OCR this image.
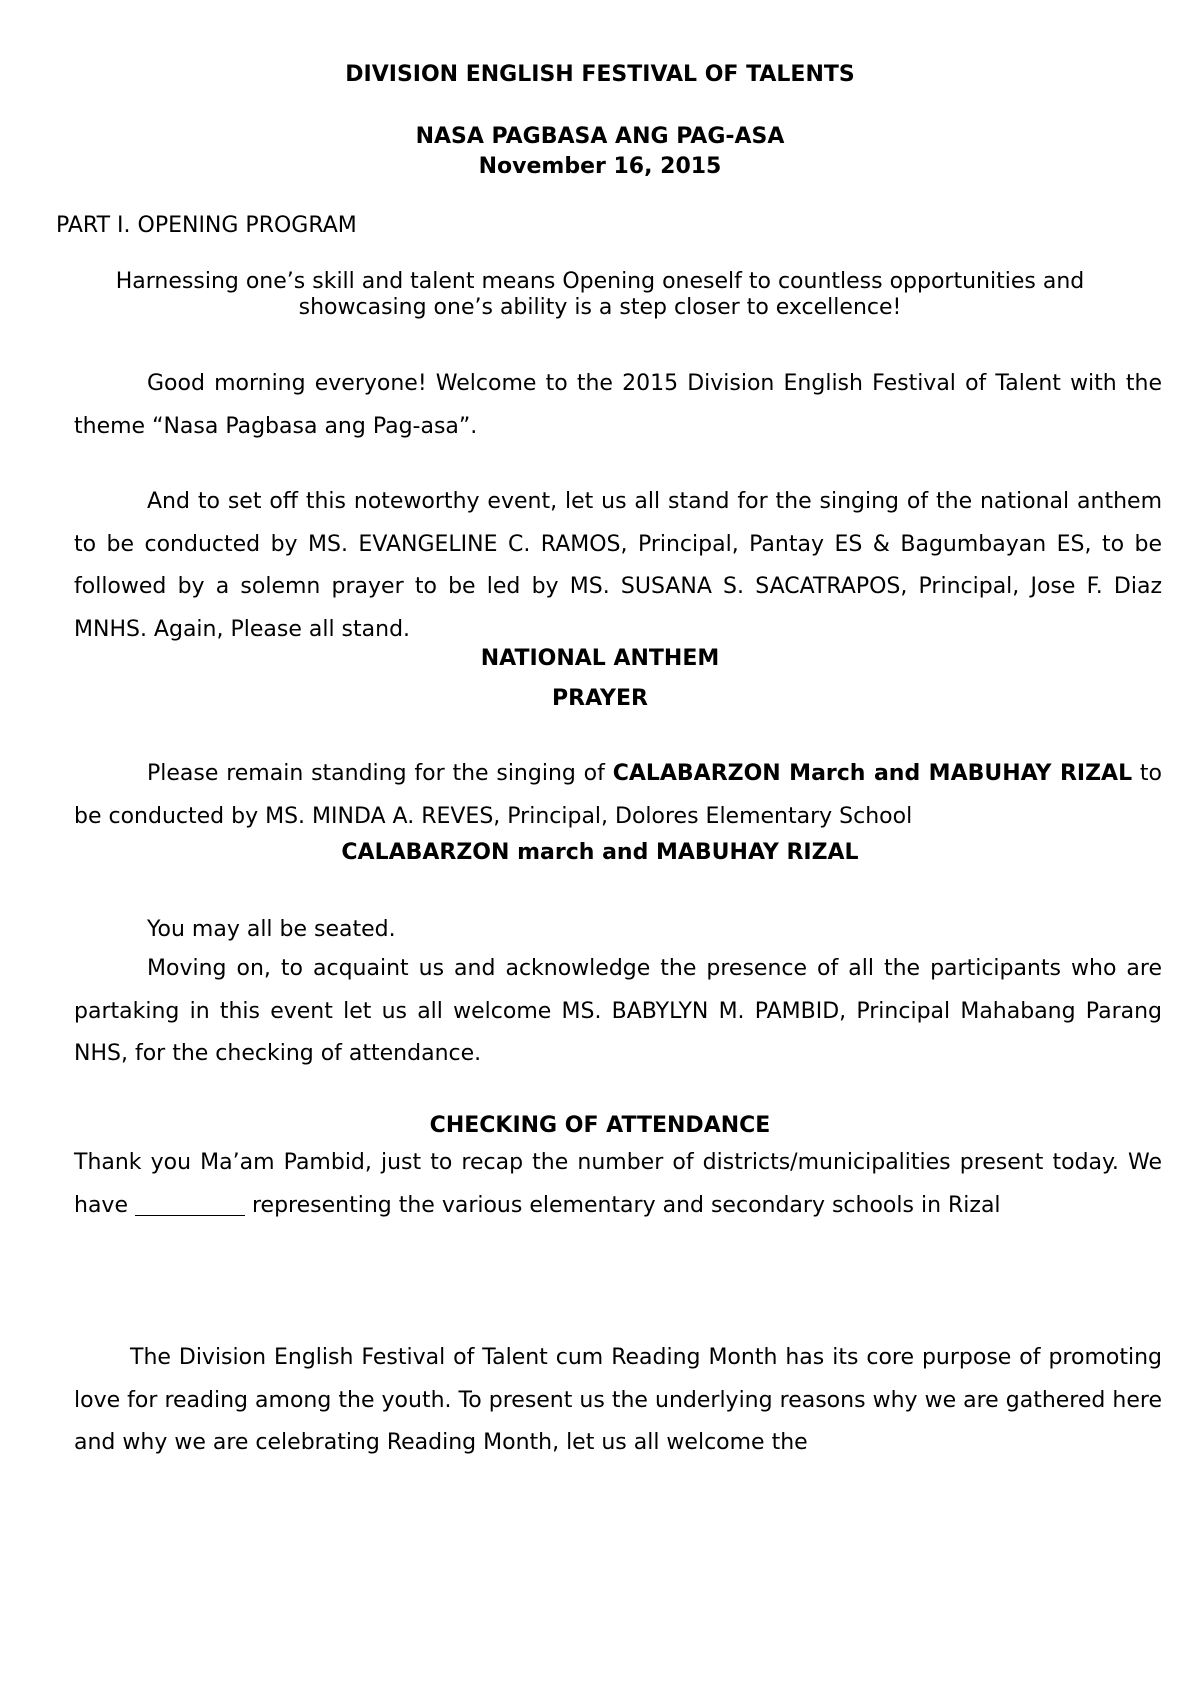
DIVISION ENGLISH FESTIVAL OF TALENTS
NASA PAGBASA ANG PAG-ASA
November 16, 2015
PART I. OPENING PROGRAM
Harnessing one’s skill and talent means Opening oneself to countless opportunities and
showcasing one’s ability is a step closer to excellence!
Good morning everyone! Welcome to the 2015 Division English Festival of Talent with the theme “Nasa Pagbasa ang Pag-asa”.
And to set off this noteworthy event, let us all stand for the singing of the national anthem to be conducted by MS. EVANGELINE C. RAMOS, Principal, Pantay ES & Bagumbayan ES, to be followed by a solemn prayer to be led by MS. SUSANA S. SACATRAPOS, Principal, Jose F. Diaz MNHS. Again, Please all stand.
NATIONAL ANTHEM
PRAYER
Please remain standing for the singing of CALABARZON March and MABUHAY RIZAL to be conducted by MS. MINDA A. REVES, Principal, Dolores Elementary School
CALABARZON march and MABUHAY RIZAL
You may all be seated.
Moving on, to acquaint us and acknowledge the presence of all the participants who are partaking in this event let us all welcome MS. BABYLYN M. PAMBID, Principal Mahabang Parang NHS, for the checking of attendance.
CHECKING OF ATTENDANCE
Thank you Ma’am Pambid, just to recap the number of districts/municipalities present today. We have	representing the various elementary and secondary schools in Rizal
The Division English Festival of Talent cum Reading Month has its core purpose of promoting love for reading among the youth. To present us the underlying reasons why we are gathered here and why we are celebrating Reading Month, let us all welcome the
